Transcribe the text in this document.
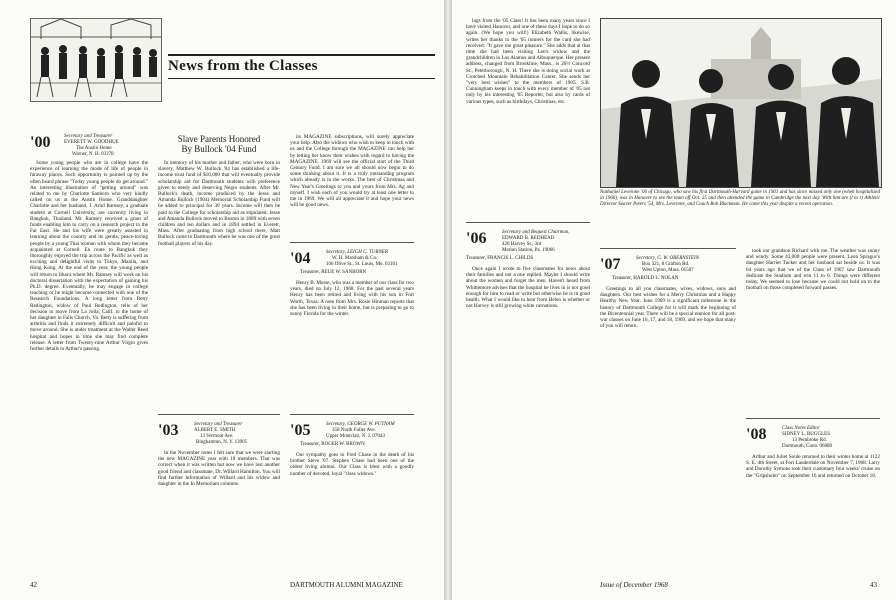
News from the Classes
'00	Secretary and Treasurer
EVERETT W. GOODHUE
The Austin Home
Warner, N. H. 03278

Some young people who are in college have the experience of learning the mode of life of people in faraway places. Such opportunity is pointed up by the often heard phrase "Today young people do get around." An interesting illustration of "getting around" was related to me by Charlotte Sanborn who very kindly called on us at the Austin Home. Granddaughter Charlotte and her husband, J. Arnd Ramsey, a graduate student at Cornell University, are currently living in Bangkok, Thailand. Mr. Ramsey received a grant of funds enabling him to carry on a research project in the Far East. He and his wife were greatly assisted in learning about the country and its gentle, peace-loving people by a young Thai woman with whom they became acquainted at Cornell. En route to Bangkok they thoroughly enjoyed the trip across the Pacific as well as exciting and delightful visits to Tokyo, Manila, and Hong Kong. At the end of the year, the young people will return to Ithaca where Mr. Ramsey will work on his doctoral dissertation with the expectation of gaining his Ph.D. degree. Eventually, he may engage in college teaching or he might become connected with one of the Research Foundations. A long letter from Betty Redington, widow of Paul Redington, tells of her decision to move from La Jolla, Calif. to the home of her daughter in Falls Church, Va. Betty is suffering from arthritis and finds it extremely difficult and painful to move around. She is under treatment at the Walter Reed hospital and hopes in time she may find complete release. A letter from Twenty-nine Arthur Virgin gives further details to Arthur's passing.

Slave Parents Honored
By Bullock '04 Fund

In memory of his mother and father, who were born in slavery, Matthew W. Bullock '04 has established a life-income trust fund of $10,000 that will eventually provide scholarship aid for Dartmouth students with preference given to needy and deserving Negro students. After Mr. Bullock's death, income produced by the Jesse and Amanda Bullock (1904) Memorial Scholarship Fund will be added to principal for 30 years. Income will then be paid to the College for scholarship aid as stipulated. Jesse and Amanda Bullock moved to Boston in 1889 with seven children and ten dollars and in 1894 settled in Everett, Mass. After graduating from high school there, Matt Bullock came to Dartmouth where he was one of the great football players of his day.

'03	Secretary and Treasurer
ALBERT E. SMITH
13 Vermont Ave.
Binghamton, N. Y. 13905

In the November notes I felt sure that we were starting the new MAGAZINE year with 18 members. That was correct when it was written but now we have lost another good friend and classmate, Dr. Willard Hamilton. You will find further information of Willard and his widow and daughter in the In Memoriam columns.

its MAGAZINE subscriptions, will surely appreciate your help. Also the widows who wish to keep in touch with us and the College through the MAGAZINE can help her by letting her know their wishes with regard to having the MAGAZINE. 1969 will see the official start of the Third Century Fund. I am sure we all should now begin to do some thinking about it. It is a truly outstanding program which already is in the works. The best of Christmas and New Year's Greetings to you and yours from Mrs. Ag and myself. I wish each of you would try at least one letter to me in 1969. We will all appreciate it and hope your news will be good news.

'04	Secretary, LEIGH C. TURNER
W. H. Marsham & Co.
106 Olive St., St. Louis, Mo. 63101
Treasurer, REUE W. SANBORN

Henry B. Morse, who was a member of our class for two years, died on July 12, 1968. For the past several years Henry has been retired and living with his son in Fort Worth, Texas. A note from Mrs. Rosie Hinman reports that she has been living in their home, but is preparing to go to sunny Florida for the winter.

'05	Secretary, GEORGE W. PUTNAM
358 North Fuller Ave.
Upper Montclair, N. J. 07043
Treasurer, ROGER W. BROWN

Our sympathy goes to Fred Chase in the death of his brother Steve '07. Stephen Chase had been one of the oldest living alumni. Our Class is blest with a goodly number of devoted, loyal "class widows."

42	DARTMOUTH ALUMNI MAGAZINE

lugs from the '05 Class! It has been many years since I have visited Hanover, and one of these days I hope to do so again. (We hope you will!) Elizabeth Wallis, likewise, writes her thanks to the '05 runners for the card she had received: "It gave me great pleasure." She adds that at that time she had been visiting Len's widow and the grandchildren in Los Alamos and Albuquerque. Her present address, changed from Brookline, Mass., is 26½ Concord St., Peterborough, N. H. There she is doing social work at Crotched Mountain Rehabilitation Center. She sends her "very best wishes" to the members of 1905. S.B. Cunningham keeps in touch with every member of '05 not only by his interesting '05 Reporter, but also by cards of various types, such as birthdays, Christmas, etc.

Nathaniel Leverone '06 of Chicago, who saw his first Dartmouth-Harvard game in 1901 and has since missed only one (when hospitalized in 1966), was in Hanover to see the team off Oct. 25 and then attended the game in Cambridge the next day. With him are (l to r) Athletic Director Seaver Peters '54, Mrs. Leverone, and Coach Bob Blackman. He came this year despite a recent operation.
'06	Secretary and Bequest Chairman,
EDWARD B. REDHEAD
420 Harvey St., 3rd
Merion Station, Pa. 19066
Treasurer, FRANCIS L. CHILDS

Once again I wrote to five classmates for news about their families and not a one replied. Maybe I should write about the women and forget the men. Haven't heard from Whittemore advises that the hospital he lives in is not good enough for him to read or write but otherwise he is in good health. What I would like to hear from Helen is whether or not Harvey is still growing white carnations.

'07	Secretary, G. W. OBERNSTEIN
Box 321, 8 Grafton Rd.
West Upton, Mass. 01587
Treasurer, HAROLD L. NOLAN

Greetings to all you classmates, wives, widows, sons and daughters. Our best wishes for a Merry Christmas and a Happy Healthy New Year. June 1969 is a significant milestone in the history of Dartmouth College for it will mark the beginning of the Bicentennial year. There will be a special reunion for all post-war classes on June 16, 17, and 18, 1969, and we hope that many of you will return.

took our grandson Richard with me. The weather was sunny and windy. Some 43,000 people were present. Leon Spraguc's daughter Harriet Tucker and her husband sat beside us. It was 64 years ago that we of the Class of 1907 saw Dartmouth dedicate the Stadium and win 11 to 0. Things were different today. We seemed to lose because we could not hold on to the football on those completed forward passes.

'08	Class Notes Editor
SIDNEY L. RUGGLES
13 Pembroke Rd.
Dartmouth, Conn. 06880

Arthur and Juliet Soule returned to their winter home at 1122 S. E. 4th Street, at Fort Lauderdale on November 7, 1968. Larry and Dorothy Symons took their customary four weeks' cruise on the "Gripsholm" on September 16 and returned on October 18.

Issue of December 1968	43
